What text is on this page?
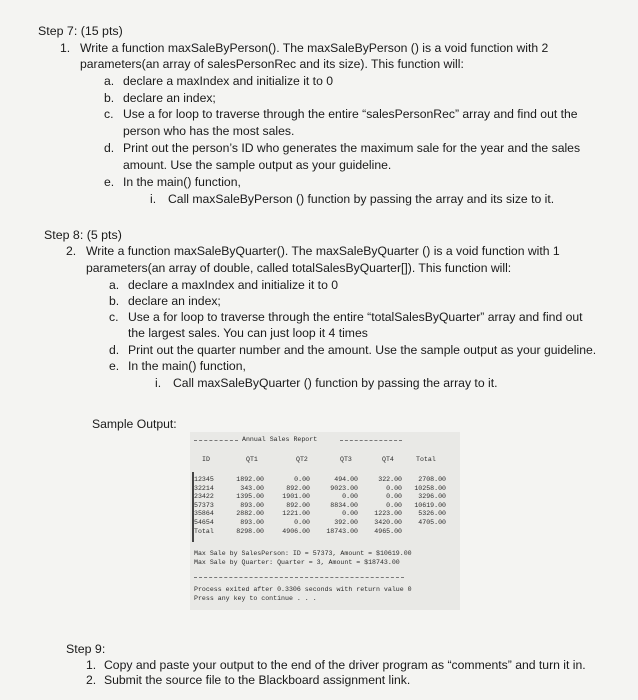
Step 7: (15 pts)
1. Write a function maxSaleByPerson(). The maxSaleByPerson () is a void function with 2
parameters(an array of salesPersonRec and its size). This function will:
a. declare a maxIndex and initialize it to 0
b. declare an index;
c. Use a for loop to traverse through the entire “salesPersonRec” array and find out the
person who has the most sales.
d. Print out the person’s ID who generates the maximum sale for the year and the sales
amount. Use the sample output as your guideline.
e. In the main() function,
i. Call maxSaleByPerson () function by passing the array and its size to it.
Step 8: (5 pts)
2. Write a function maxSaleByQuarter(). The maxSaleByQuarter () is a void function with 1
parameters(an array of double, called totalSalesByQuarter[]). This function will:
a. declare a maxIndex and initialize it to 0
b. declare an index;
c. Use a for loop to traverse through the entire “totalSalesByQuarter” array and find out
the largest sales. You can just loop it 4 times
d. Print out the quarter number and the amount. Use the sample output as your guideline.
e. In the main() function,
i. Call maxSaleByQuarter () function by passing the array to it.
Sample Output:
Annual Sales Report
ID	QT1	QT2	QT3	QT4	Total
12345	1892.00	0.00	494.00	322.00 2708.00
32214	343.00	892.00	9023.00	0.00 10258.00
23422	1395.00	1901.00	0.00	0.00 3296.00
57373	893.00	892.00	8834.00	0.00 10619.00
35864	2882.00	1221.00	0.00 1223.00 5326.00
54654	893.00	0.00	392.00 3420.00 4705.00
Total	8298.00	4906.00 18743.00 4965.00
Max Sale by SalesPerson: ID = 57373, Amount = $10619.00
Max Sale by Quarter: Quarter = 3, Amount = $18743.00
Process exited after 0.3306 seconds with return value 0
Press any key to continue . . .
Step 9:
1. Copy and paste your output to the end of the driver program as “comments” and turn it in.
2. Submit the source file to the Blackboard assignment link.
